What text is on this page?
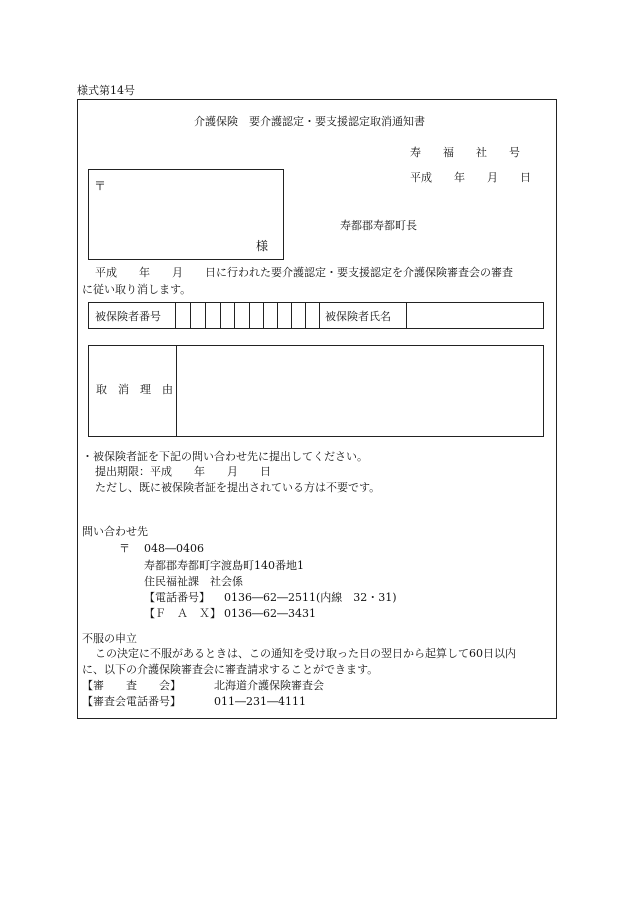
様式第14号
介護保険　要介護認定・要支援認定取消通知書
寿　　福　　社　　号
平成　　年　　月　　日
〒
様
寿都郡寿都町長
平成　　年　　月　　日に行われた要介護認定・要支援認定を介護保険審査会の審査
に従い取り消します。
被保険者番号	被保険者氏名
取　消　理　由
・被保険者証を下記の問い合わせ先に提出してください。
提出期限：平成　　年　　月　　日
ただし、既に被保険者証を提出されている方は不要です。
問い合わせ先
〒 048―0406
寿都郡寿都町字渡島町140番地1
住民福祉課　社会係
【電話番号】 0136―62―2511(内線　32・31)
【Ｆ　Ａ　Ｘ】 0136―62―3431
不服の申立
この決定に不服があるときは、この通知を受け取った日の翌日から起算して60日以内
に、以下の介護保険審査会に審査請求することができます。
【審　　査　　会】	北海道介護保険審査会
【審査会電話番号】	011―231―4111
